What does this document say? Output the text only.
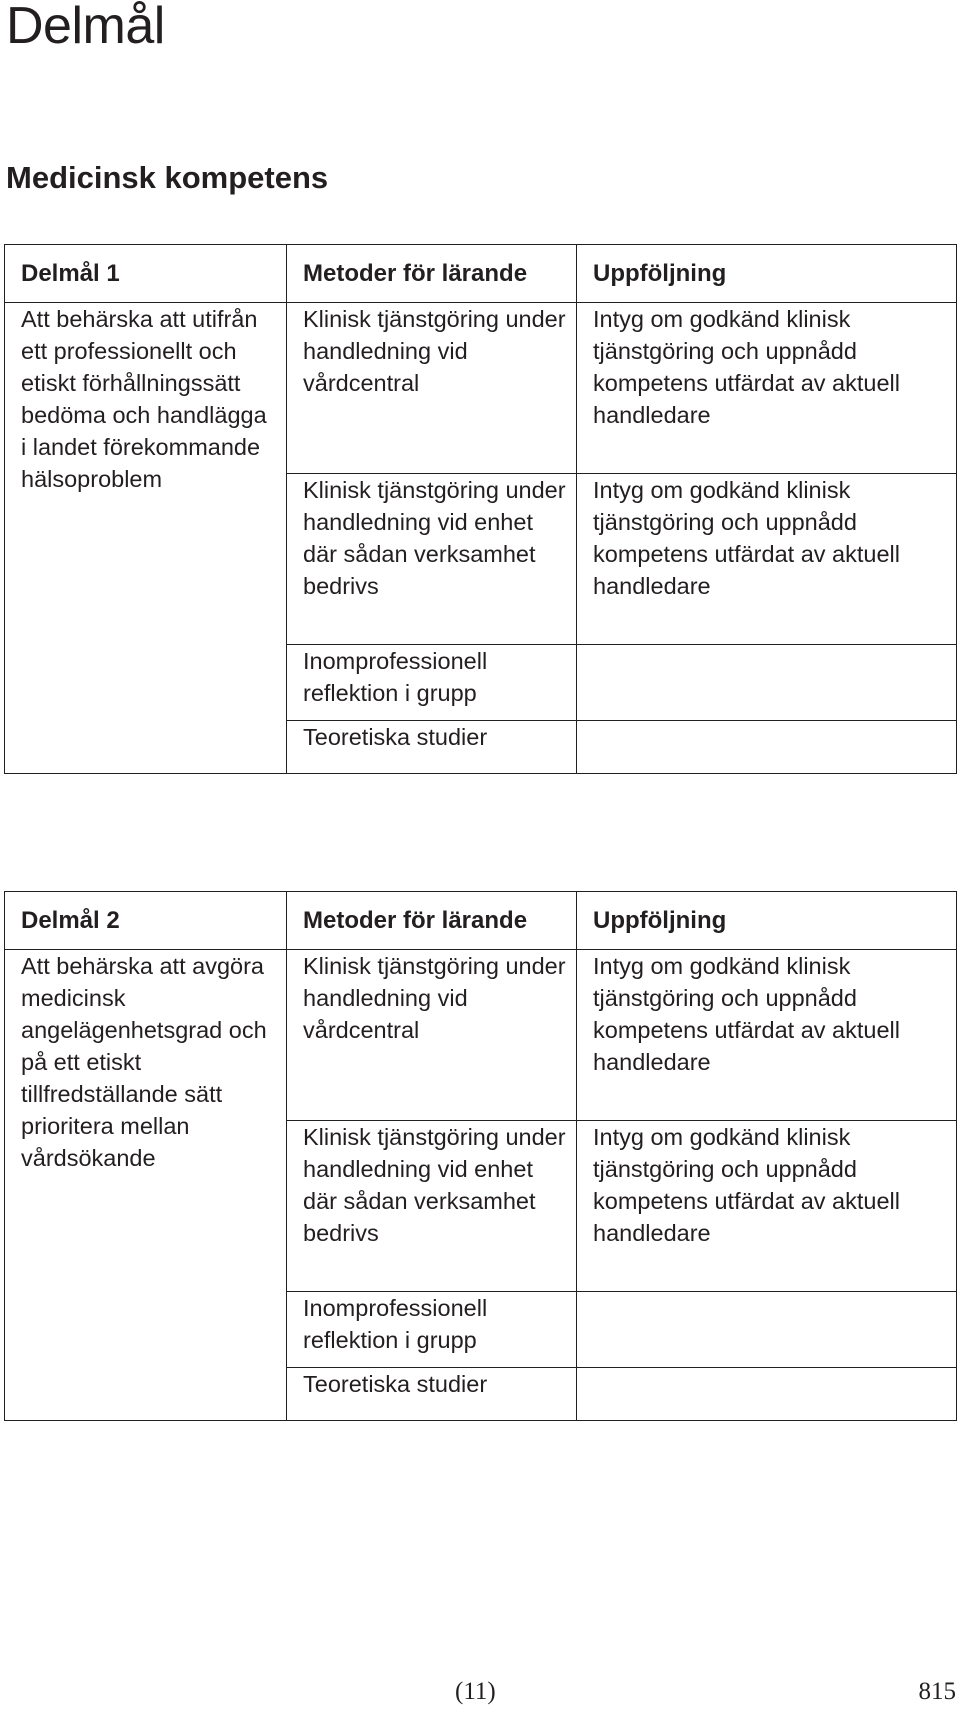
Delmål
Medicinsk kompetens
Delmål 1	Metoder för lärande	Uppföljning
Att behärska att utifrån ett professionellt och etiskt förhållningssätt bedöma och handlägga i landet förekommande hälsoproblem	Klinisk tjänstgöring under handledning vid vårdcentral	Intyg om godkänd klinisk tjänstgöring och uppnådd kompetens utfärdat av aktuell handledare
	Klinisk tjänstgöring under handledning vid enhet där sådan verksamhet bedrivs	Intyg om godkänd klinisk tjänstgöring och uppnådd kompetens utfärdat av aktuell handledare
	Inomprofessionell reflektion i grupp	
	Teoretiska studier	
Delmål 2	Metoder för lärande	Uppföljning
Att behärska att avgöra medicinsk angelägenhetsgrad och på ett etiskt tillfredställande sätt prioritera mellan vårdsökande	Klinisk tjänstgöring under handledning vid vårdcentral	Intyg om godkänd klinisk tjänstgöring och uppnådd kompetens utfärdat av aktuell handledare
	Klinisk tjänstgöring under handledning vid enhet där sådan verksamhet bedrivs	Intyg om godkänd klinisk tjänstgöring och uppnådd kompetens utfärdat av aktuell handledare
	Inomprofessionell reflektion i grupp	
	Teoretiska studier	
(11)	815
